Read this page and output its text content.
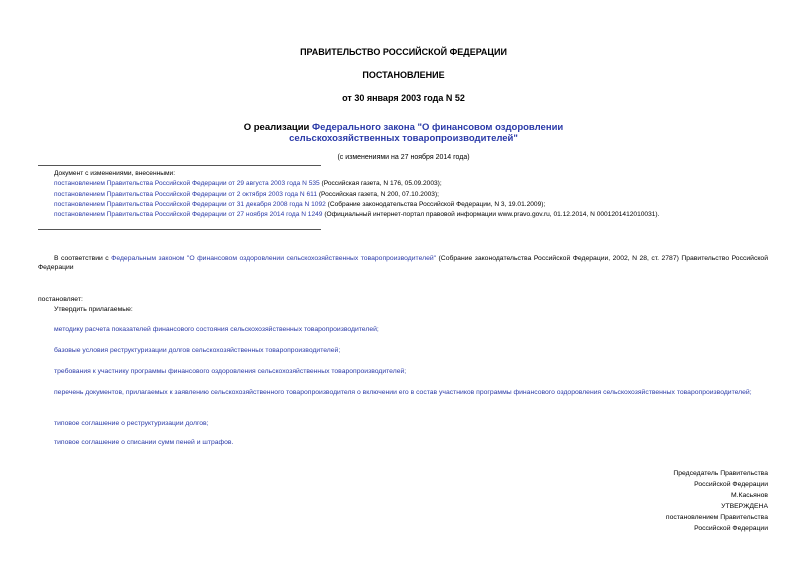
ПРАВИТЕЛЬСТВО РОССИЙСКОЙ ФЕДЕРАЦИИ
ПОСТАНОВЛЕНИЕ
от 30 января 2003 года N 52
О реализации Федерального закона "О финансовом оздоровлении
сельскохозяйственных товаропроизводителей"
(с изменениями на 27 ноября 2014 года)
Документ с изменениями, внесенными:
постановлением Правительства Российской Федерации от 29 августа 2003 года N 535 (Российская газета, N 176, 05.09.2003);
постановлением Правительства Российской Федерации от 2 октября 2003 года N 611 (Российская газета, N 200, 07.10.2003);
постановлением Правительства Российской Федерации от 31 декабря 2008 года N 1092 (Собрание законодательства Российской Федерации, N 3, 19.01.2009);
постановлением Правительства Российской Федерации от 27 ноября 2014 года N 1249 (Официальный интернет-портал правовой информации www.pravo.gov.ru, 01.12.2014, N 0001201412010031).
В соответствии с Федеральным законом "О финансовом оздоровлении сельскохозяйственных товаропроизводителей" (Собрание законодательства Российской Федерации, 2002, N 28, ст. 2787) Правительство Российской Федерации
постановляет:
Утвердить прилагаемые:
методику расчета показателей финансового состояния сельскохозяйственных товаропроизводителей;
базовые условия реструктуризации долгов сельскохозяйственных товаропроизводителей;
требования к участнику программы финансового оздоровления сельскохозяйственных товаропроизводителей;
перечень документов, прилагаемых к заявлению сельскохозяйственного товаропроизводителя о включении его в состав участников программы финансового оздоровления сельскохозяйственных товаропроизводителей;
типовое соглашение о реструктуризации долгов;
типовое соглашение о списании сумм пеней и штрафов.
Председатель Правительства
Российской Федерации
М.Касьянов
УТВЕРЖДЕНА
постановлением Правительства
Российской Федерации
